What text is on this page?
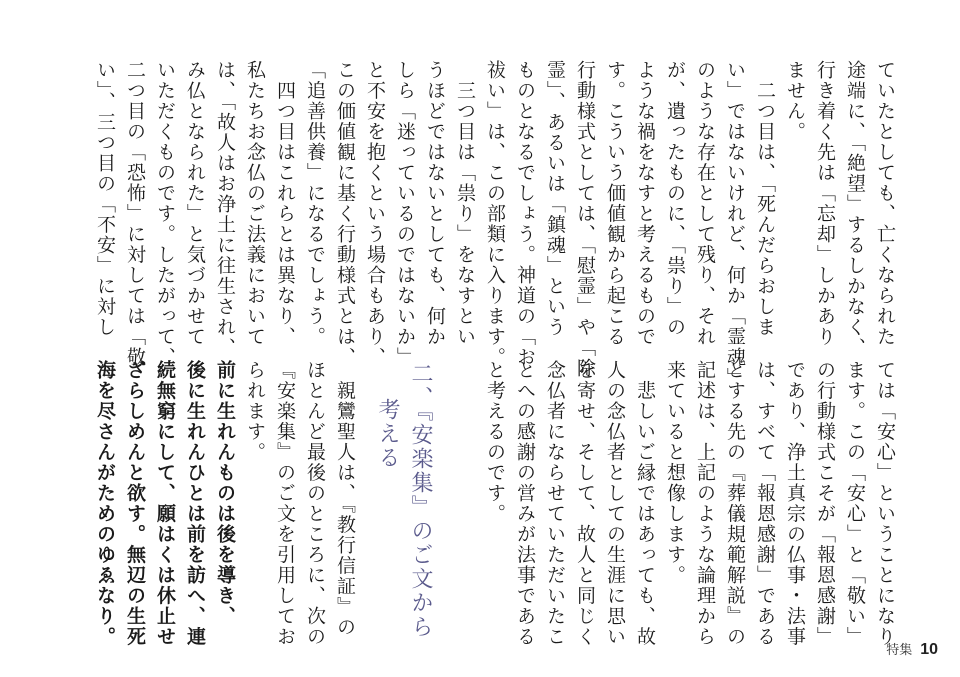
ていたとしても、亡くなられた
途端に、「絶望」するしかなく、
行き着く先は「忘却」しかあり
ません。
　二つ目は、「死んだらおしま
い」ではないけれど、何か「霊魂」
のような存在として残り、それ
が、遺ったものに、「祟り」の
ような禍をなすと考えるもので
す。こういう価値観から起こる
行動様式としては、「慰霊」や「除
霊」、あるいは「鎮魂」という
ものとなるでしょう。神道の「お
祓い」は、この部類に入ります。
　三つ目は「祟り」をなすとい
うほどではないとしても、何か
しら「迷っているのではないか」
と不安を抱くという場合もあり、
この価値観に基く行動様式とは、
「追善供養」になるでしょう。
　四つ目はこれらとは異なり、
私たちお念仏のご法義において
は、「故人はお浄土に往生され、
み仏となられた」と気づかせて
いただくものです。したがって、
二つ目の「恐怖」に対しては「敬
い」、三つ目の「不安」に対し
ては「安心」ということになり
ます。この「安心」と「敬い」
の行動様式こそが「報恩感謝」
であり、浄土真宗の仏事・法事
は、すべて「報恩感謝」である
とする先の『葬儀規範解説』の
記述は、上記のような論理から
来ていると想像します。
　悲しいご縁ではあっても、故
人の念仏者としての生涯に思い
を寄せ、そして、故人と同じく
念仏者にならせていただいたこ
とへの感謝の営みが法事である
と考えるのです。
二、『安楽集』のご文から
考える
　親鸞聖人は、『教行信証』の
ほとんど最後のところに、次の
『安楽集』のご文を引用してお
られます。
前に生れんものは後を導き、
後に生れんひとは前を訪へ、連
続無窮にして、願はくは休止せ
ざらしめんと欲す。無辺の生死
海を尽さんがためのゆゑなり。
特集 10
